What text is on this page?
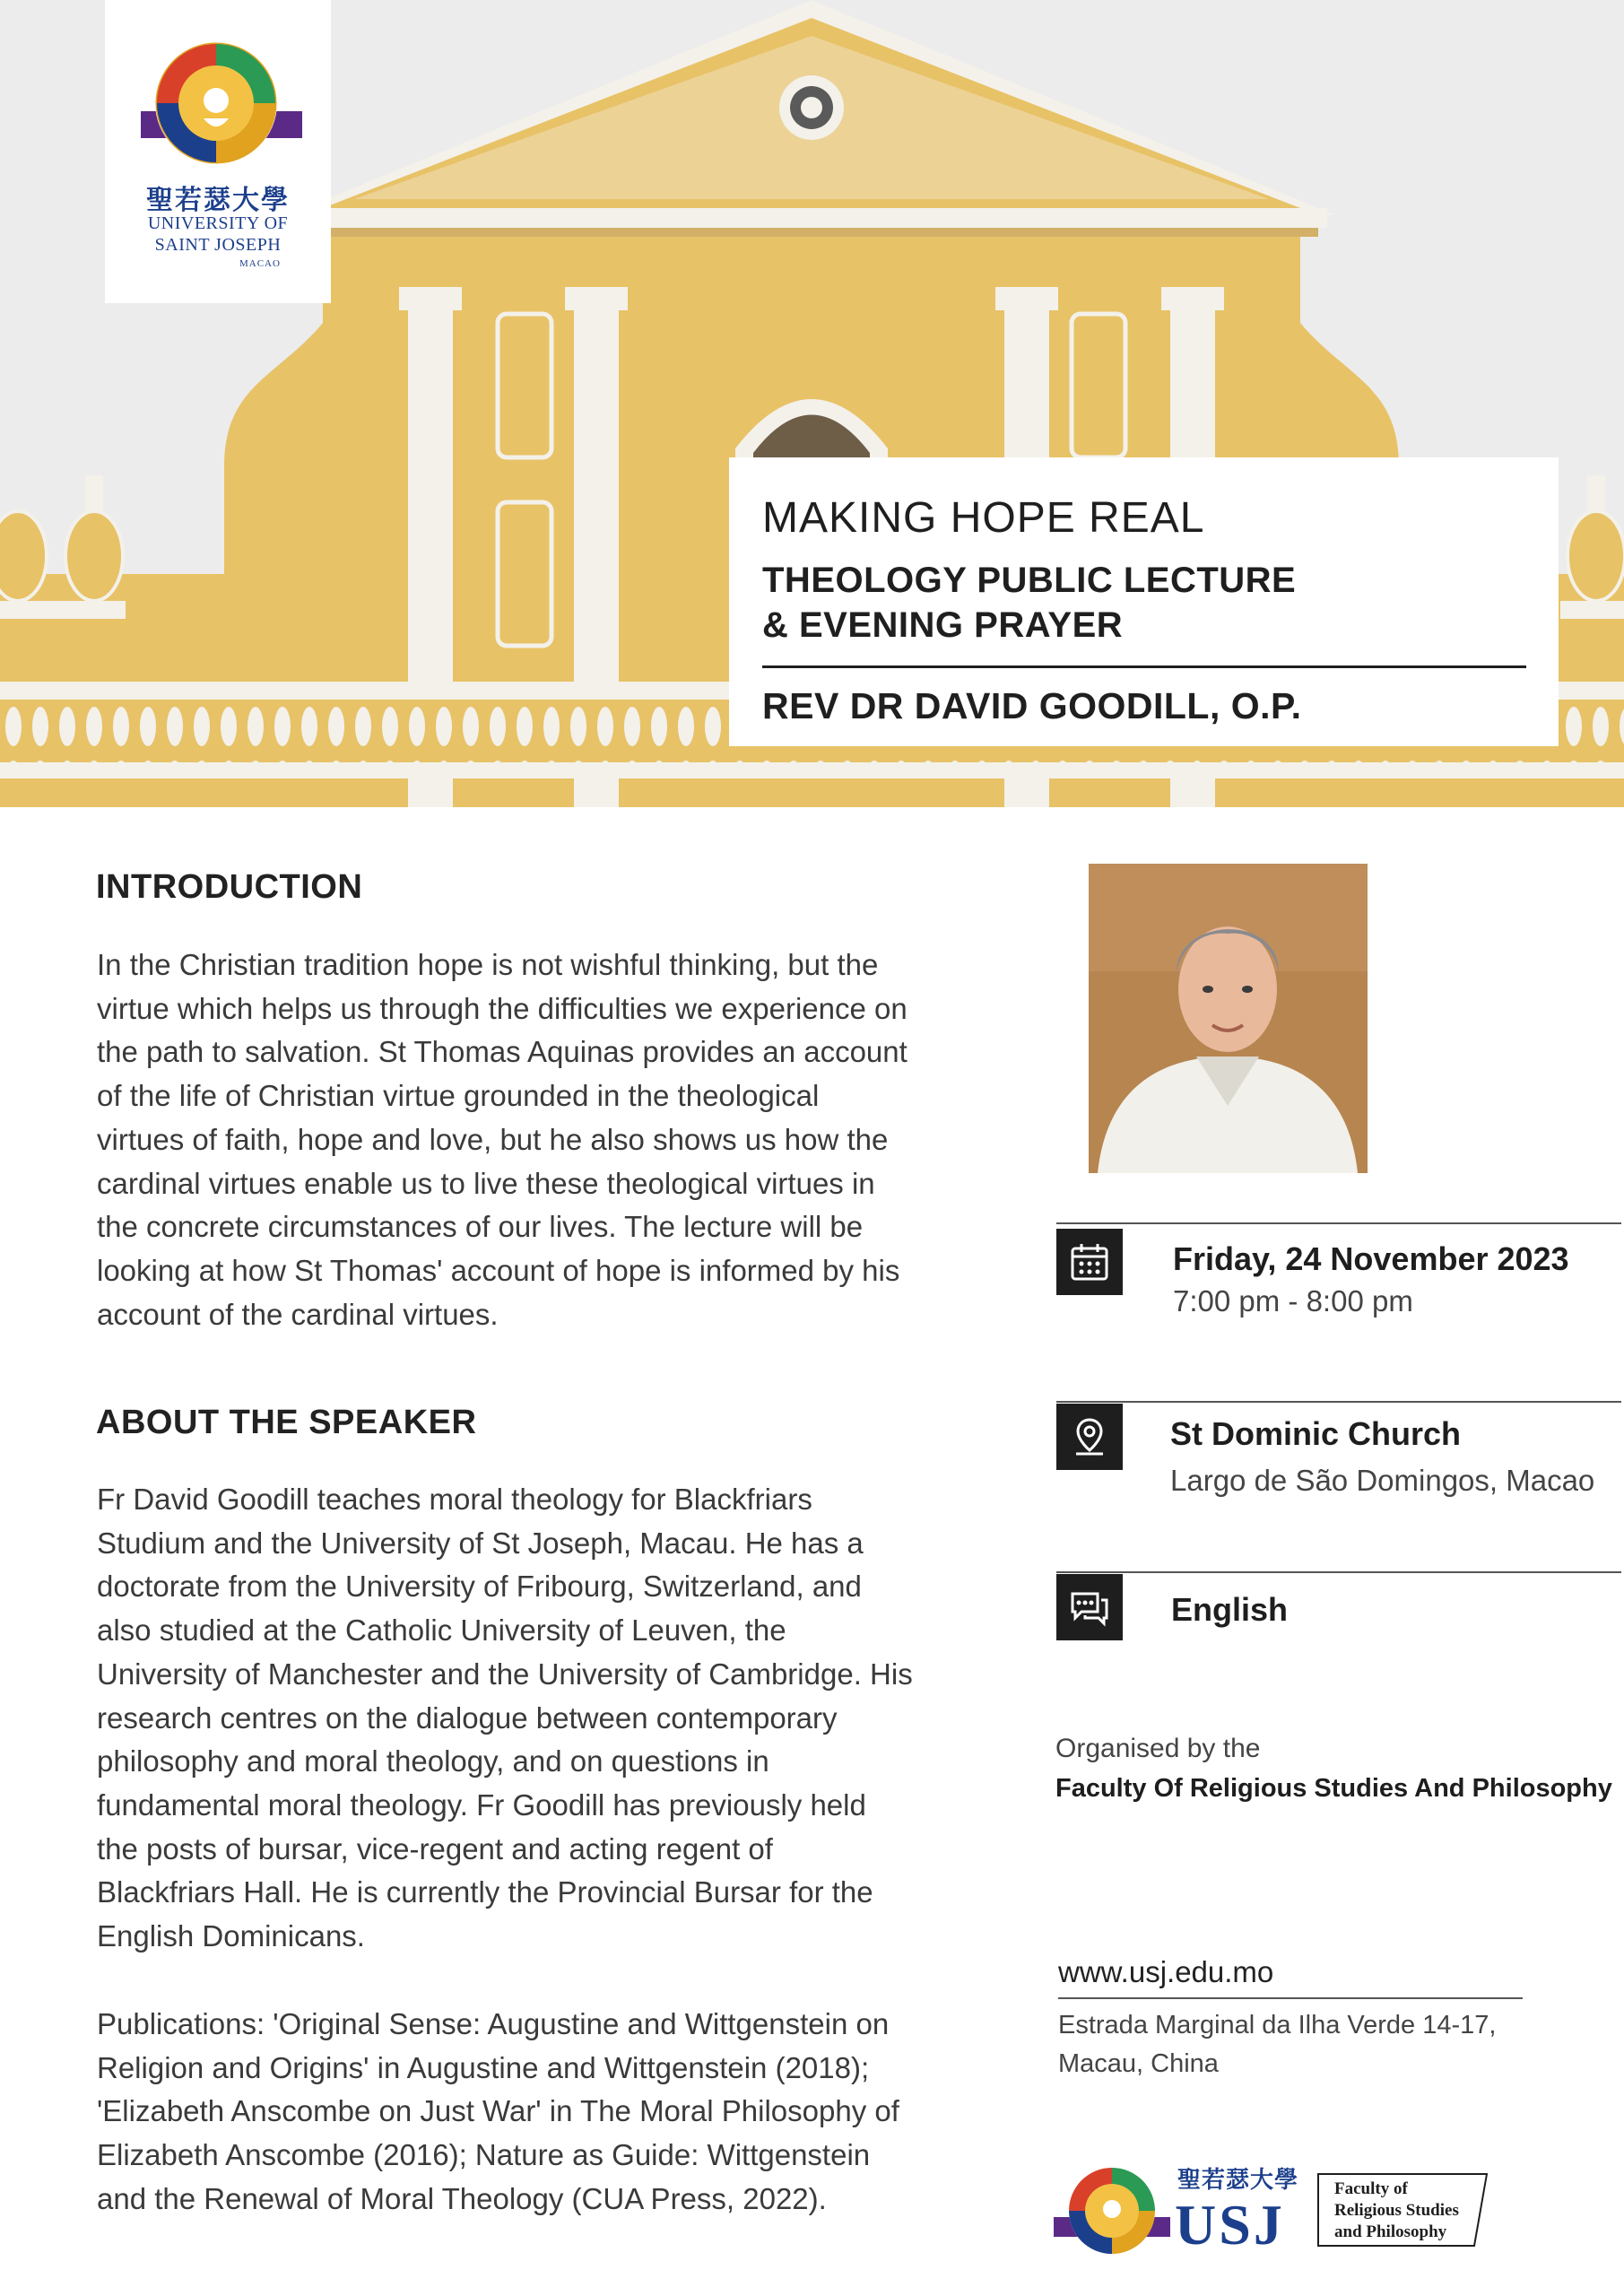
聖若瑟大學
UNIVERSITY OF
SAINT JOSEPH
MACAO
MAKING HOPE REAL
THEOLOGY PUBLIC LECTURE
& EVENING PRAYER
REV DR DAVID GOODILL, O.P.
INTRODUCTION
In the Christian tradition hope is not wishful thinking, but the
virtue which helps us through the difficulties we experience on
the path to salvation. St Thomas Aquinas provides an account
of the life of Christian virtue grounded in the theological
virtues of faith, hope and love, but he also shows us how the
cardinal virtues enable us to live these theological virtues in
the concrete circumstances of our lives. The lecture will be
looking at how St Thomas' account of hope is informed by his
account of the cardinal virtues.
ABOUT THE SPEAKER
Fr David Goodill teaches moral theology for Blackfriars
Studium and the University of St Joseph, Macau. He has a
doctorate from the University of Fribourg, Switzerland, and
also studied at the Catholic University of Leuven, the
University of Manchester and the University of Cambridge. His
research centres on the dialogue between contemporary
philosophy and moral theology, and on questions in
fundamental moral theology. Fr Goodill has previously held
the posts of bursar, vice-regent and acting regent of
Blackfriars Hall. He is currently the Provincial Bursar for the
English Dominicans.
Publications: 'Original Sense: Augustine and Wittgenstein on
Religion and Origins' in Augustine and Wittgenstein (2018);
'Elizabeth Anscombe on Just War' in The Moral Philosophy of
Elizabeth Anscombe (2016); Nature as Guide: Wittgenstein
and the Renewal of Moral Theology (CUA Press, 2022).
Friday, 24 November 2023
7:00 pm - 8:00 pm
St Dominic Church
Largo de São Domingos, Macao
English
Organised by the
Faculty Of Religious Studies And Philosophy
www.usj.edu.mo
Estrada Marginal da Ilha Verde 14-17,
Macau, China
聖若瑟大學
USJ
Faculty of
Religious Studies
and Philosophy
